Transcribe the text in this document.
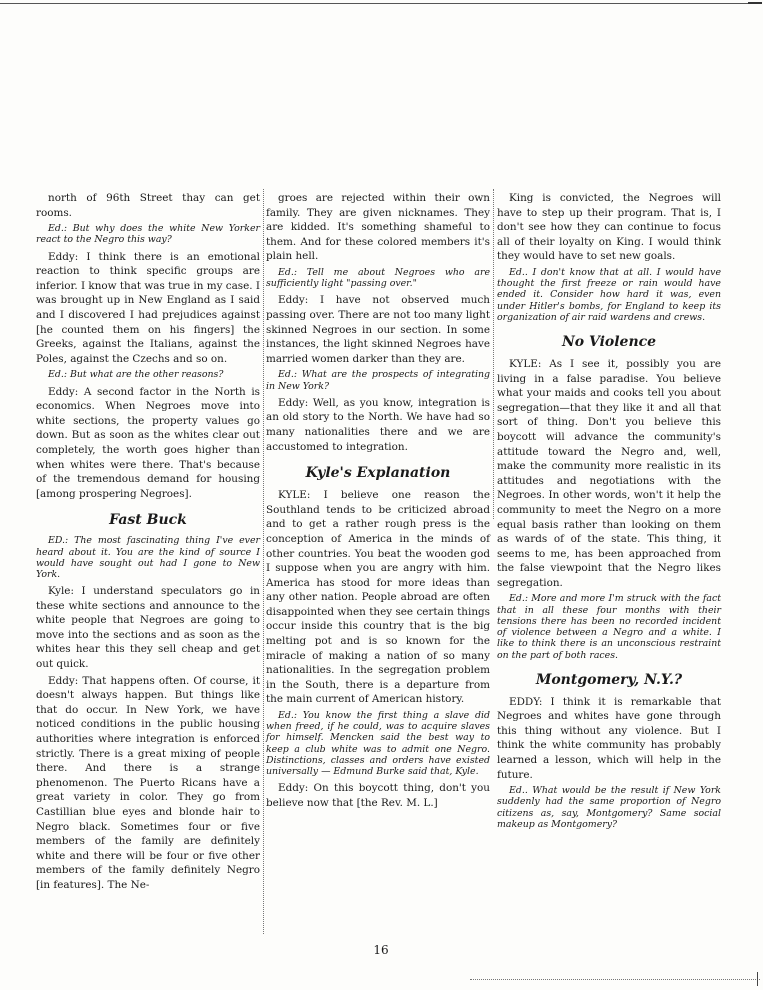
north of 96th Street thay can get rooms.

Ed.: But why does the white New Yorker react to the Negro this way?

Eddy: I think there is an emotional reaction to think specific groups are inferior. I know that was true in my case. I was brought up in New England as I said and I discovered I had prejudices against [he counted them on his fingers] the Greeks, against the Italians, against the Poles, against the Czechs and so on.

Ed.: But what are the other reasons?

Eddy: A second factor in the North is economics. When Negroes move into white sections, the property values go down. But as soon as the whites clear out completely, the worth goes higher than when whites were there. That's because of the tremendous demand for housing [among prospering Negroes].

Fast Buck

ED.: The most fascinating thing I've ever heard about it. You are the kind of source I would have sought out had I gone to New York.

Kyle: I understand speculators go in these white sections and announce to the white people that Negroes are going to move into the sections and as soon as the whites hear this they sell cheap and get out quick.

Eddy: That happens often. Of course, it doesn't always happen. But things like that do occur. In New York, we have noticed conditions in the public housing authorities where integration is enforced strictly. There is a great mixing of people there. And there is a strange phenomenon. The Puerto Ricans have a great variety in color. They go from Castillian blue eyes and blonde hair to Negro black. Sometimes four or five members of the family are definitely white and there will be four or five other members of the family definitely Negro [in features]. The Ne-

groes are rejected within their own family. They are given nicknames. They are kidded. It's something shameful to them. And for these colored members it's plain hell.

Ed.: Tell me about Negroes who are sufficiently light "passing over."

Eddy: I have not observed much passing over. There are not too many light skinned Negroes in our section. In some instances, the light skinned Negroes have married women darker than they are.

Ed.: What are the prospects of integrating in New York?

Eddy: Well, as you know, integration is an old story to the North. We have had so many nationalities there and we are accustomed to integration.

Kyle's Explanation

KYLE: I believe one reason the Southland tends to be criticized abroad and to get a rather rough press is the conception of America in the minds of other countries. You beat the wooden god I suppose when you are angry with him. America has stood for more ideas than any other nation. People abroad are often disappointed when they see certain things occur inside this country that is the big melting pot and is so known for the miracle of making a nation of so many nationalities. In the segregation problem in the South, there is a departure from the main current of American history.

Ed.: You know the first thing a slave did when freed, if he could, was to acquire slaves for himself. Mencken said the best way to keep a club white was to admit one Negro. Distinctions, classes and orders have existed universally — Edmund Burke said that, Kyle.

Eddy: On this boycott thing, don't you believe now that [the Rev. M. L.]

King is convicted, the Negroes will have to step up their program. That is, I don't see how they can continue to focus all of their loyalty on King. I would think they would have to set new goals.

Ed.. I don't know that at all. I would have thought the first freeze or rain would have ended it. Consider how hard it was, even under Hitler's bombs, for England to keep its organization of air raid wardens and crews.

No Violence

KYLE: As I see it, possibly you are living in a false paradise. You believe what your maids and cooks tell you about segregation—that they like it and all that sort of thing. Don't you believe this boycott will advance the community's attitude toward the Negro and, well, make the community more realistic in its attitudes and negotiations with the Negroes. In other words, won't it help the community to meet the Negro on a more equal basis rather than looking on them as wards of of the state. This thing, it seems to me, has been approached from the false viewpoint that the Negro likes segregation.

Ed.: More and more I'm struck with the fact that in all these four months with their tensions there has been no recorded incident of violence between a Negro and a white. I like to think there is an unconscious restraint on the part of both races.

Montgomery, N.Y.?

EDDY: I think it is remarkable that Negroes and whites have gone through this thing without any violence. But I think the white community has probably learned a lesson, which will help in the future.

Ed.. What would be the result if New York suddenly had the same proportion of Negro citizens as, say, Montgomery? Same social makeup as Montgomery?

16
